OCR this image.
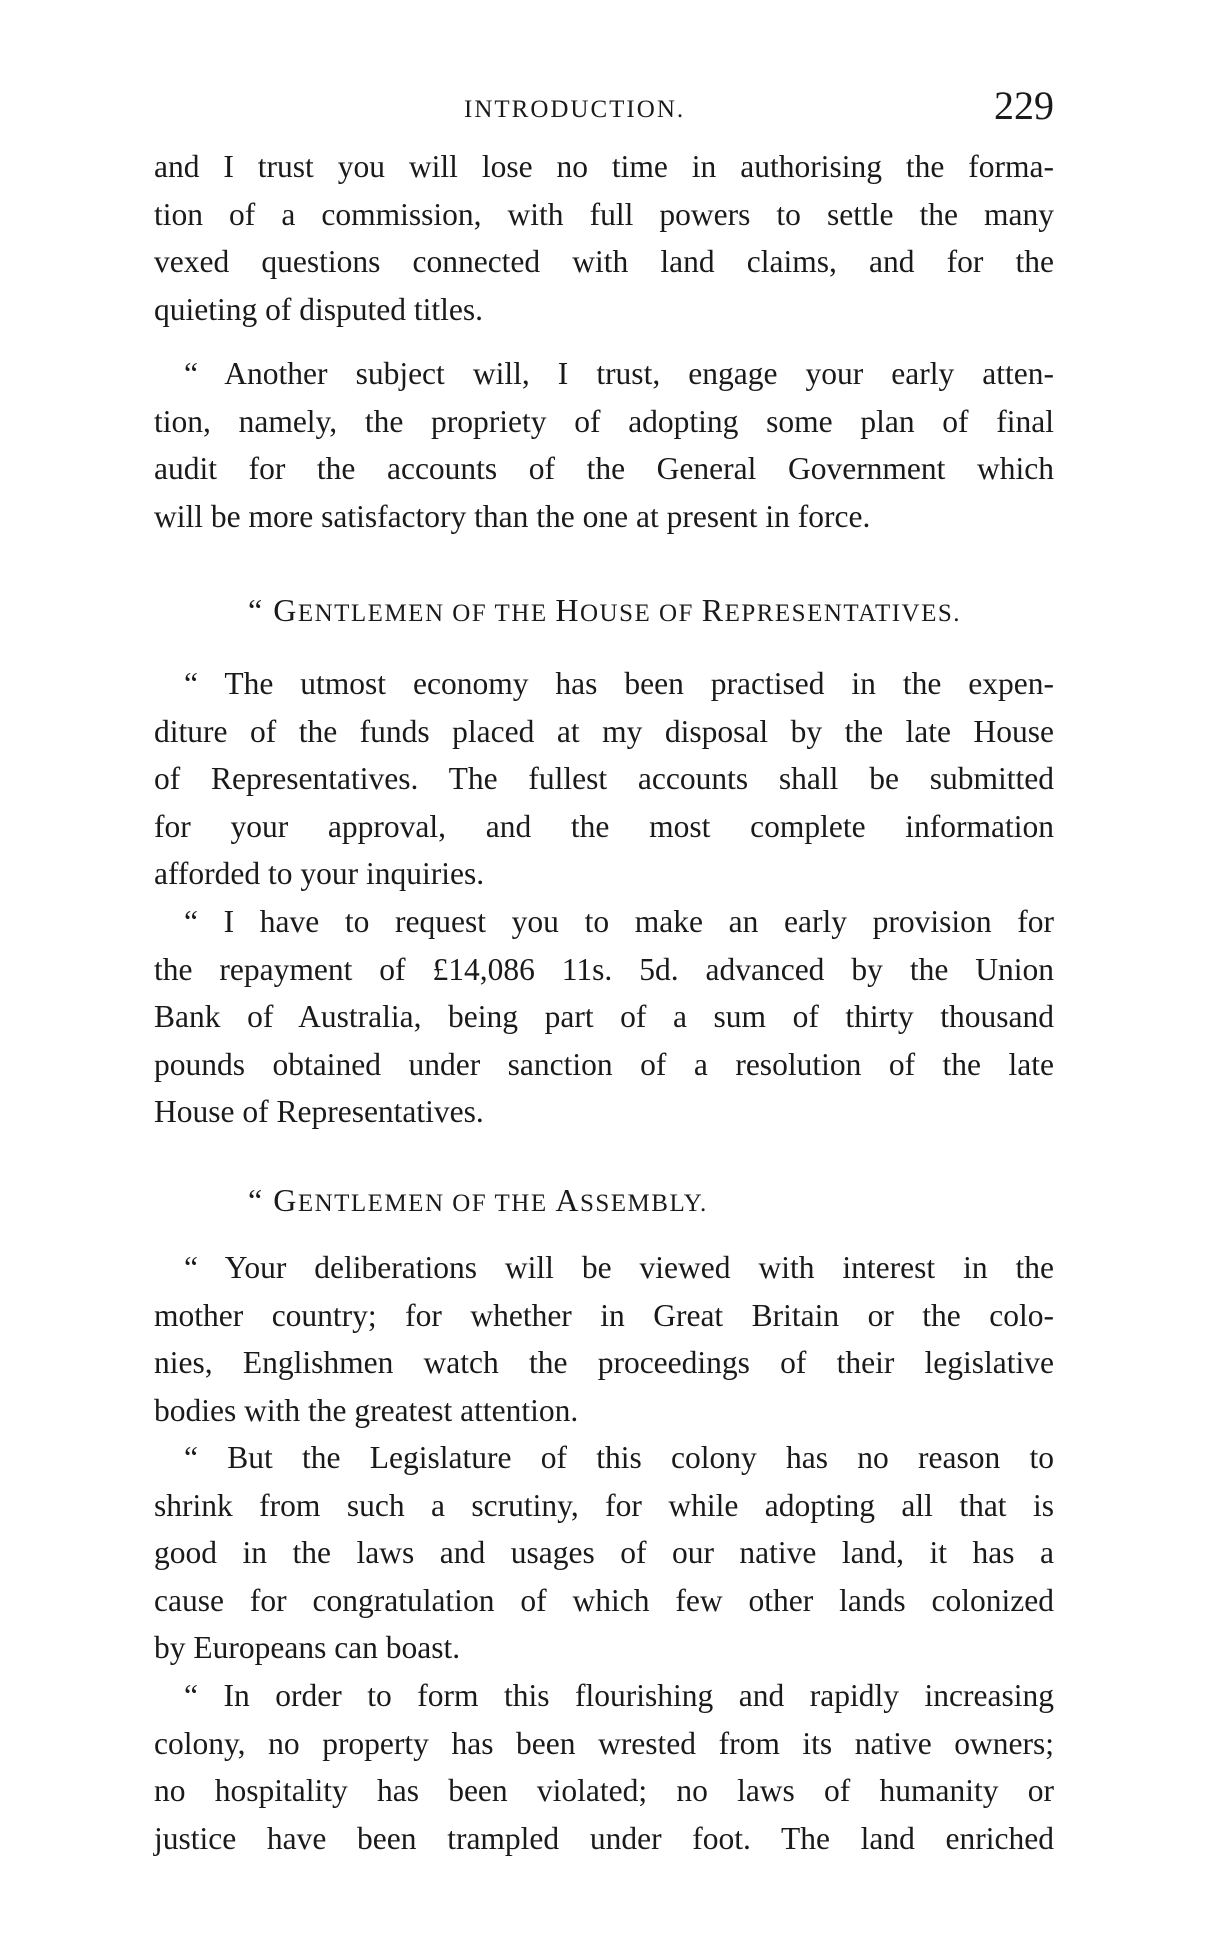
INTRODUCTION.	229
and I trust you will lose no time in authorising the forma-
tion of a commission, with full powers to settle the many
vexed questions connected with land claims, and for the
quieting of disputed titles.
“ Another subject will, I trust, engage your early atten-
tion, namely, the propriety of adopting some plan of final
audit for the accounts of the General Government which
will be more satisfactory than the one at present in force.
“ GENTLEMEN OF THE HOUSE OF REPRESENTATIVES.
“ The utmost economy has been practised in the expen-
diture of the funds placed at my disposal by the late House
of Representatives. The fullest accounts shall be submitted
for your approval, and the most complete information
afforded to your inquiries.
“ I have to request you to make an early provision for
the repayment of £14,086 11s. 5d. advanced by the Union
Bank of Australia, being part of a sum of thirty thousand
pounds obtained under sanction of a resolution of the late
House of Representatives.
“ GENTLEMEN OF THE ASSEMBLY.
“ Your deliberations will be viewed with interest in the
mother country; for whether in Great Britain or the colo-
nies, Englishmen watch the proceedings of their legislative
bodies with the greatest attention.
“ But the Legislature of this colony has no reason to
shrink from such a scrutiny, for while adopting all that is
good in the laws and usages of our native land, it has a
cause for congratulation of which few other lands colonized
by Europeans can boast.
“ In order to form this flourishing and rapidly increasing
colony, no property has been wrested from its native owners;
no hospitality has been violated; no laws of humanity or
justice have been trampled under foot. The land enriched
